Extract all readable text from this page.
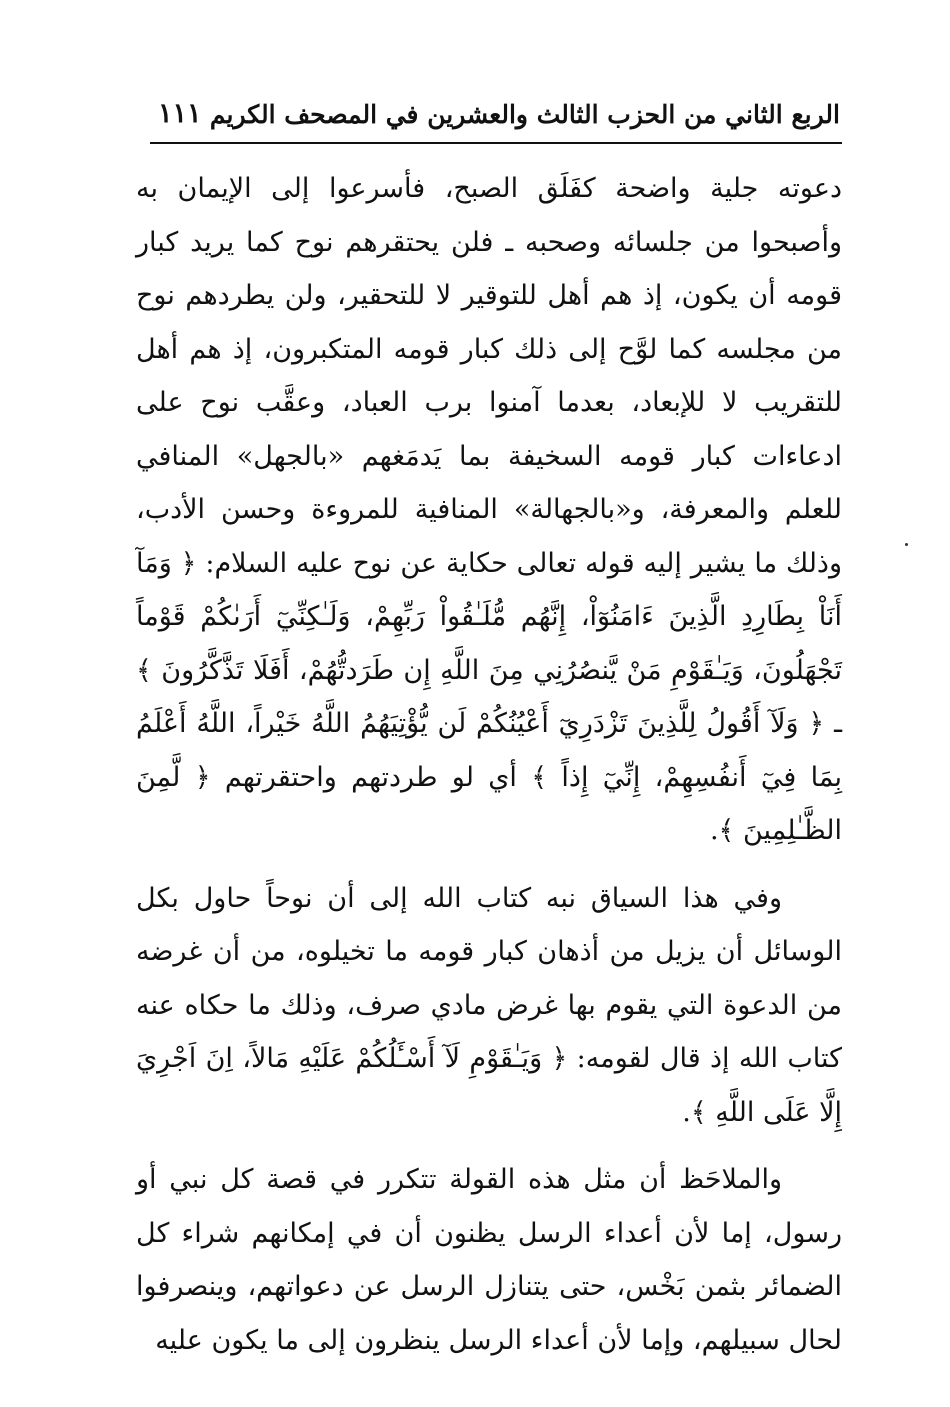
الربع الثاني من الحزب الثالث والعشرين في المصحف الكريم
١١١

دعوته جلية واضحة كفَلَق الصبح، فأسرعوا إلى الإيمان به وأصبحوا من جلسائه وصحبه ـ فلن يحتقرهم نوح كما يريد كبار قومه أن يكون، إذ هم أهل للتوقير لا للتحقير، ولن يطردهم نوح من مجلسه كما لوَّح إلى ذلك كبار قومه المتكبرون، إذ هم أهل للتقريب لا للإبعاد، بعدما آمنوا برب العباد، وعقَّب نوح على ادعاءات كبار قومه السخيفة بما يَدمَغهم «بالجهل» المنافي للعلم والمعرفة، و«بالجهالة» المنافية للمروءة وحسن الأدب، وذلك ما يشير إليه قوله تعالى حكاية عن نوح عليه السلام: ﴿ وَمَآ أَنَاْ بِطَارِدِ الَّذِينَ ءَامَنُوٓاْ، إِنَّهُم مُّلَـٰقُواْ رَبِّهِمْ، وَلَـٰكِنِّيٓ أَرَىٰكُمْ قَوْماً تَجْهَلُونَ، وَيَـٰقَوْمِ مَنْ يَّنصُرُنِي مِنَ اللَّهِ إِن طَرَدتُّهُمْ، أَفَلَا تَذَّكَّرُونَ ﴾ ـ ﴿ وَلَآ أَقُولُ لِلَّذِينَ تَزْدَرِيٓ أَعْيُنُكُمْ لَن يُّؤْتِيَهُمُ اللَّهُ خَيْراً، اللَّهُ أَعْلَمُ بِمَا فِيٓ أَنفُسِهِمْ، إِنِّيٓ إِذاً ﴾ أي لو طردتهم واحتقرتهم ﴿ لَّمِنَ الظَّـٰلِمِينَ ﴾.

وفي هذا السياق نبه كتاب الله إلى أن نوحاً حاول بكل الوسائل أن يزيل من أذهان كبار قومه ما تخيلوه، من أن غرضه من الدعوة التي يقوم بها غرض مادي صرف، وذلك ما حكاه عنه كتاب الله إذ قال لقومه: ﴿ وَيَـٰقَوْمِ لَآ أَسْـَٔلُكُمْ عَلَيْهِ مَالاً، اِنَ اَجْرِيَ إِلَّا عَلَى اللَّهِ ﴾.

والملاحَظ أن مثل هذه القولة تتكرر في قصة كل نبي أو رسول، إما لأن أعداء الرسل يظنون أن في إمكانهم شراء كل الضمائر بثمن بَخْس، حتى يتنازل الرسل عن دعواتهم، وينصرفوا لحال سبيلهم، وإما لأن أعداء الرسل ينظرون إلى ما يكون عليه
